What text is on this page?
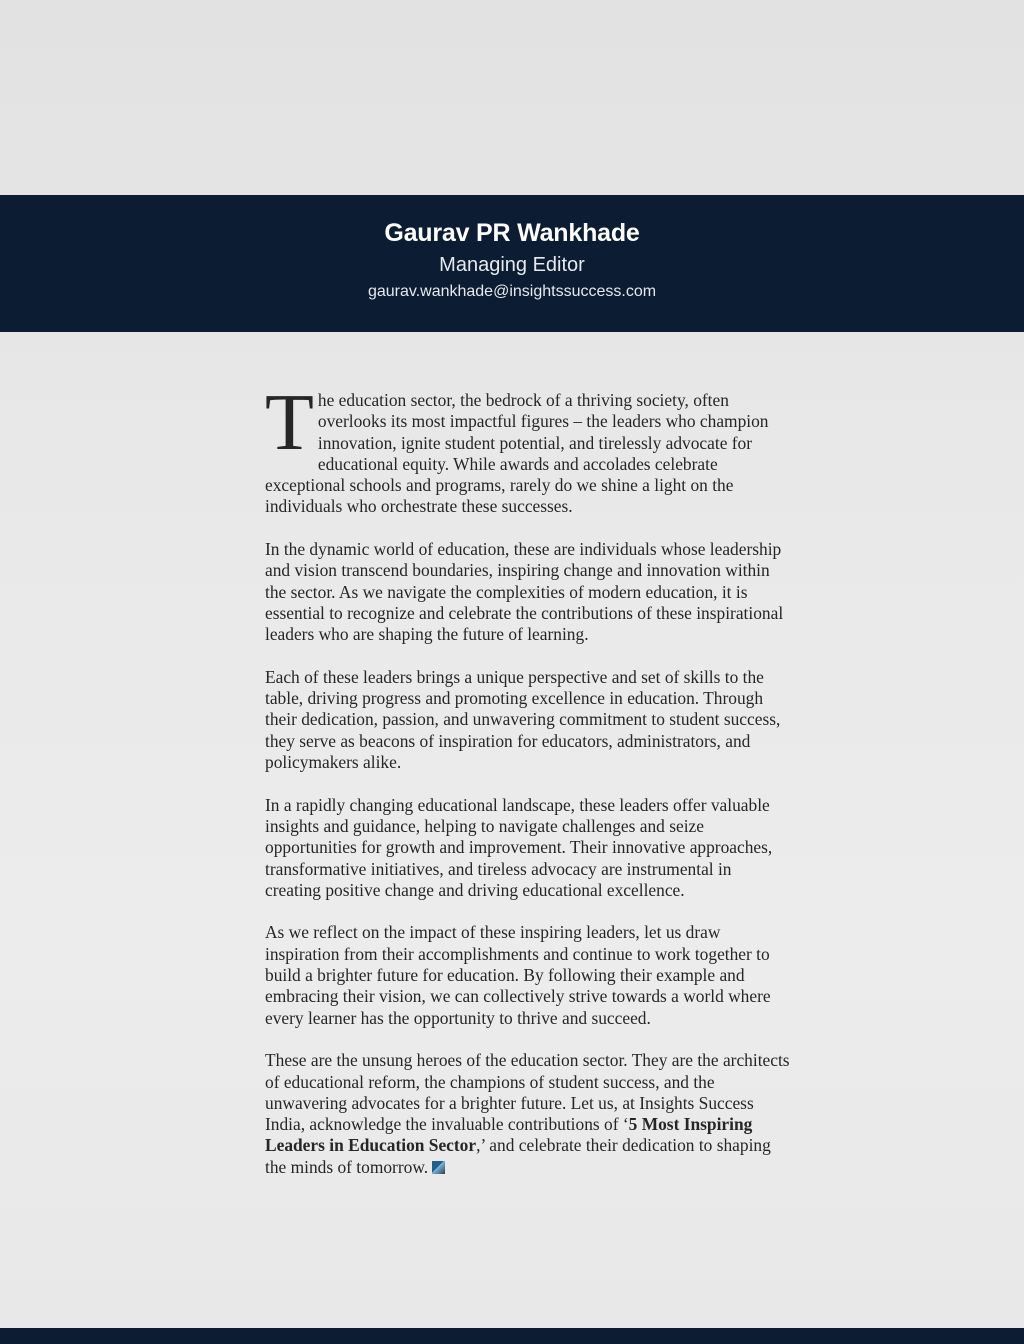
Gaurav PR Wankhade
Managing Editor
gaurav.wankhade@insightssuccess.com

The education sector, the bedrock of a thriving society, often overlooks its most impactful figures – the leaders who champion innovation, ignite student potential, and tirelessly advocate for educational equity. While awards and accolades celebrate exceptional schools and programs, rarely do we shine a light on the individuals who orchestrate these successes.

In the dynamic world of education, these are individuals whose leadership and vision transcend boundaries, inspiring change and innovation within the sector. As we navigate the complexities of modern education, it is essential to recognize and celebrate the contributions of these inspirational leaders who are shaping the future of learning.

Each of these leaders brings a unique perspective and set of skills to the table, driving progress and promoting excellence in education. Through their dedication, passion, and unwavering commitment to student success, they serve as beacons of inspiration for educators, administrators, and policymakers alike.

In a rapidly changing educational landscape, these leaders offer valuable insights and guidance, helping to navigate challenges and seize opportunities for growth and improvement. Their innovative approaches, transformative initiatives, and tireless advocacy are instrumental in creating positive change and driving educational excellence.

As we reflect on the impact of these inspiring leaders, let us draw inspiration from their accomplishments and continue to work together to build a brighter future for education. By following their example and embracing their vision, we can collectively strive towards a world where every learner has the opportunity to thrive and succeed.

These are the unsung heroes of the education sector. They are the architects of educational reform, the champions of student success, and the unwavering advocates for a brighter future. Let us, at Insights Success India, acknowledge the invaluable contributions of ‘5 Most Inspiring Leaders in Education Sector,’ and celebrate their dedication to shaping the minds of tomorrow.
